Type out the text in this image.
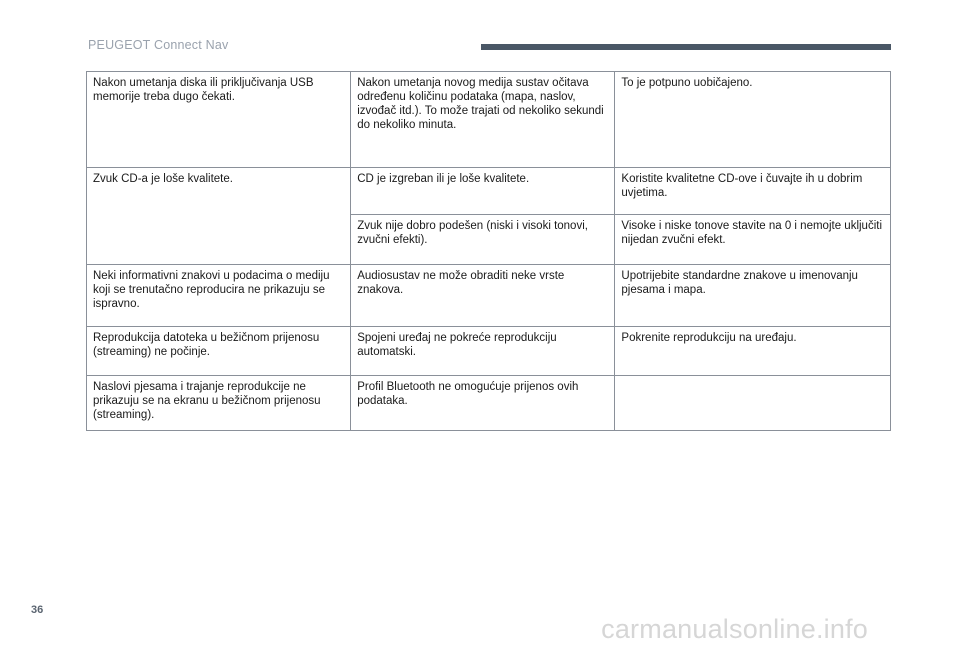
PEUGEOT Connect Nav
Nakon umetanja diska ili priključivanja USB memorije treba dugo čekati.	Nakon umetanja novog medija sustav očitava određenu količinu podataka (mapa, naslov, izvođač itd.). To može trajati od nekoliko sekundi do nekoliko minuta.	To je potpuno uobičajeno.
Zvuk CD-a je loše kvalitete.	CD je izgreban ili je loše kvalitete.	Koristite kvalitetne CD-ove i čuvajte ih u dobrim uvjetima.
	Zvuk nije dobro podešen (niski i visoki tonovi, zvučni efekti).	Visoke i niske tonove stavite na 0 i nemojte uključiti nijedan zvučni efekt.
Neki informativni znakovi u podacima o mediju koji se trenutačno reproducira ne prikazuju se ispravno.	Audiosustav ne može obraditi neke vrste znakova.	Upotrijebite standardne znakove u imenovanju pjesama i mapa.
Reprodukcija datoteka u bežičnom prijenosu (streaming) ne počinje.	Spojeni uređaj ne pokreće reprodukciju automatski.	Pokrenite reprodukciju na uređaju.
Naslovi pjesama i trajanje reprodukcije ne prikazuju se na ekranu u bežičnom prijenosu (streaming).	Profil Bluetooth ne omogućuje prijenos ovih podataka.	
36
carmanualsonline.info
